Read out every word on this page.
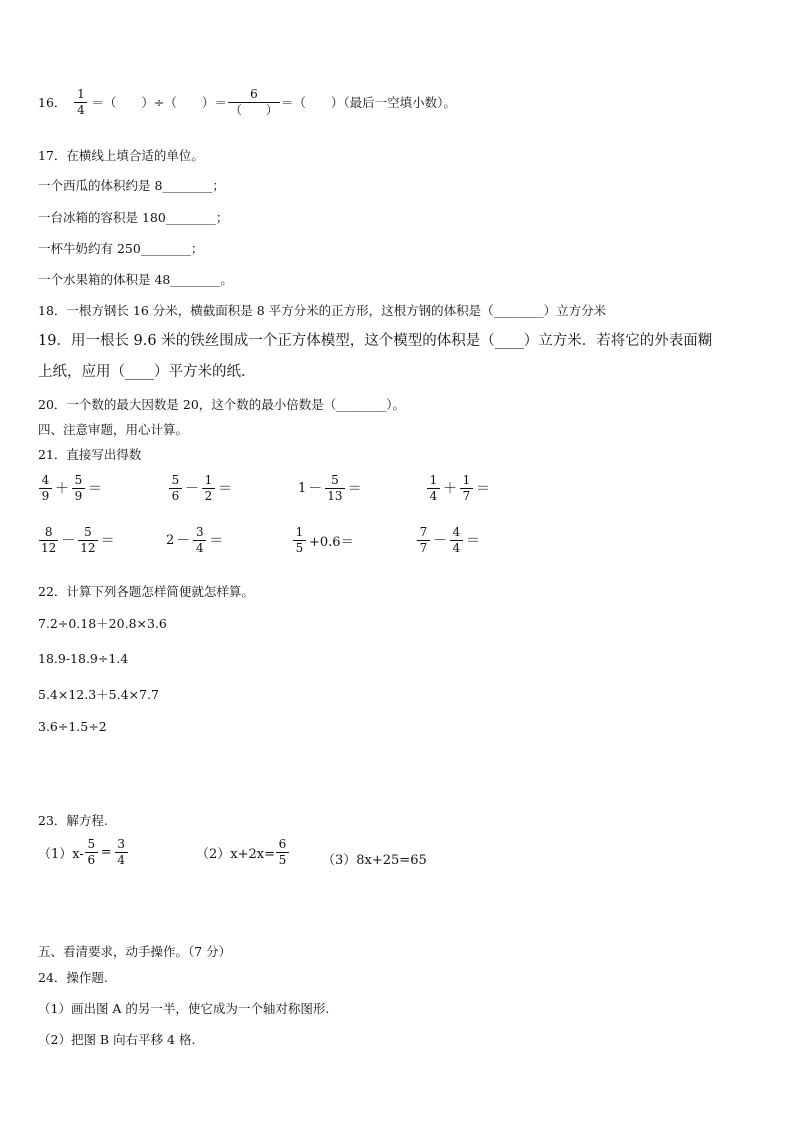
16． $\frac{1}{4}$ ＝（　　）÷（　　）＝ $\frac{6}{( )}$ ＝（　　）（最后一空填小数）。
17．在横线上填合适的单位。
一个西瓜的体积约是 8________；
一台冰箱的容积是 180________；
一杯牛奶约有 250________；
一个水果箱的体积是 48________。
18．一根方钢长 16 分米，横截面积是 8 平方分米的正方形，这根方钢的体积是（________）立方分米
19．用一根长 9.6 米的铁丝围成一个正方体模型，这个模型的体积是（____）立方米．若将它的外表面糊
上纸，应用（____）平方米的纸．
20．一个数的最大因数是 20，这个数的最小倍数是（________）。
四、注意审题，用心计算。
21．直接写出得数
$\frac{4}{9} + \frac{5}{9}$ ＝	$\frac{5}{6} - \frac{1}{2}$ ＝	$1 - \frac{5}{13}$ ＝	$\frac{1}{4} + \frac{1}{7}$ ＝
$\frac{8}{12} - \frac{5}{12}$ ＝	$2 - \frac{3}{4}$ ＝	$\frac{1}{5} +0.6=$	$\frac{7}{7} - \frac{4}{4}$ ＝
22．计算下列各题怎样简便就怎样算。
7.2÷0.18＋20.8×3.6
18.9-18.9÷1.4
5.4×12.3＋5.4×7.7
3.6÷1.5÷2
23．解方程.
$(1)x- \frac{5}{6} = \frac{3}{4}$	$(2)x+2x= \frac{6}{5}$	（3）8x+25=65
五、看清要求，动手操作。（7 分）
24．操作题.
（1）画出图 A 的另一半，使它成为一个轴对称图形.
（2）把图 B 向右平移 4 格.
